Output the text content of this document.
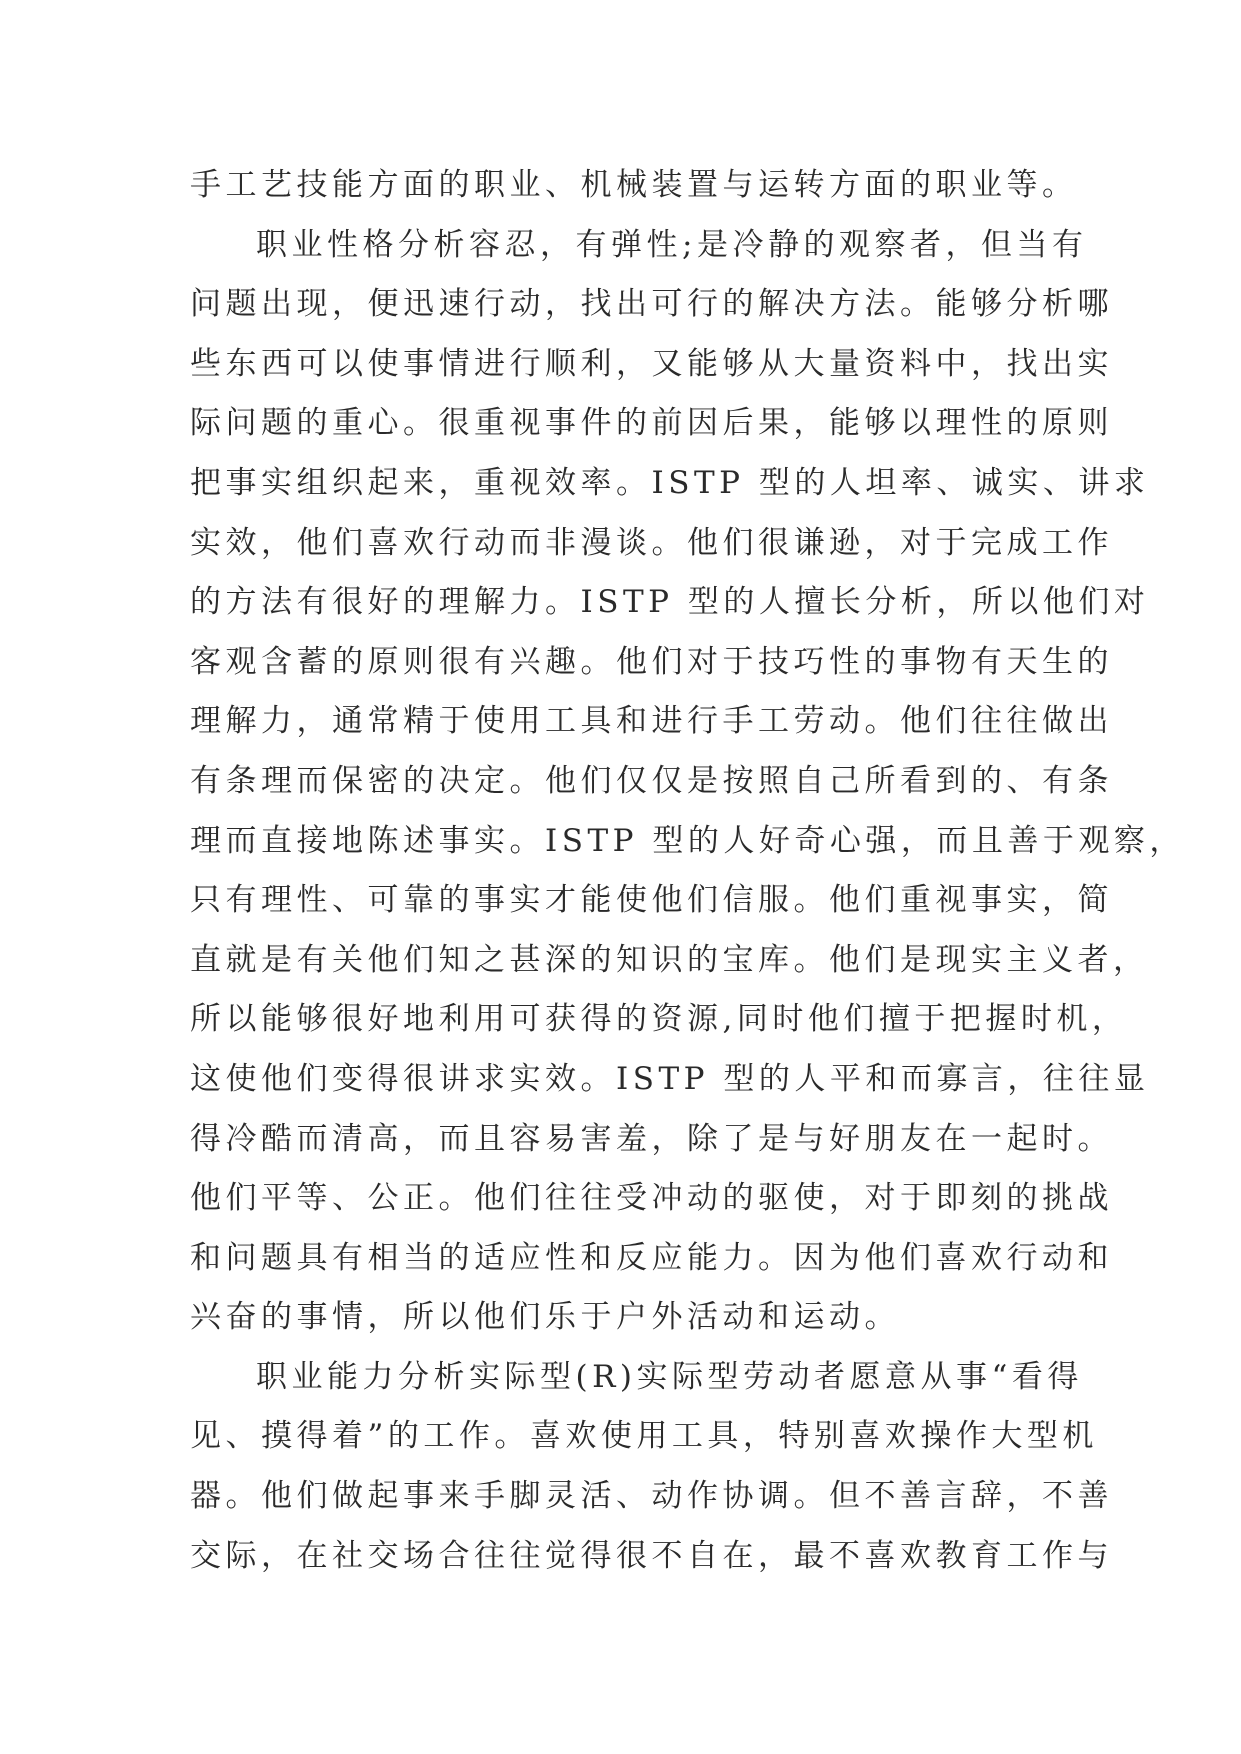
手工艺技能方面的职业、机械装置与运转方面的职业等。
职业性格分析容忍，有弹性;是冷静的观察者，但当有
问题出现，便迅速行动，找出可行的解决方法。能够分析哪
些东西可以使事情进行顺利，又能够从大量资料中，找出实
际问题的重心。很重视事件的前因后果，能够以理性的原则
把事实组织起来，重视效率。ISTP 型的人坦率、诚实、讲求
实效，他们喜欢行动而非漫谈。他们很谦逊，对于完成工作
的方法有很好的理解力。ISTP 型的人擅长分析，所以他们对
客观含蓄的原则很有兴趣。他们对于技巧性的事物有天生的
理解力，通常精于使用工具和进行手工劳动。他们往往做出
有条理而保密的决定。他们仅仅是按照自己所看到的、有条
理而直接地陈述事实。ISTP 型的人好奇心强，而且善于观察，
只有理性、可靠的事实才能使他们信服。他们重视事实，简
直就是有关他们知之甚深的知识的宝库。他们是现实主义者，
所以能够很好地利用可获得的资源,同时他们擅于把握时机，
这使他们变得很讲求实效。ISTP 型的人平和而寡言，往往显
得冷酷而清高，而且容易害羞，除了是与好朋友在一起时。
他们平等、公正。他们往往受冲动的驱使，对于即刻的挑战
和问题具有相当的适应性和反应能力。因为他们喜欢行动和
兴奋的事情，所以他们乐于户外活动和运动。
职业能力分析实际型(R)实际型劳动者愿意从事“看得
见、摸得着”的工作。喜欢使用工具，特别喜欢操作大型机
器。他们做起事来手脚灵活、动作协调。但不善言辞，不善
交际，在社交场合往往觉得很不自在，最不喜欢教育工作与
